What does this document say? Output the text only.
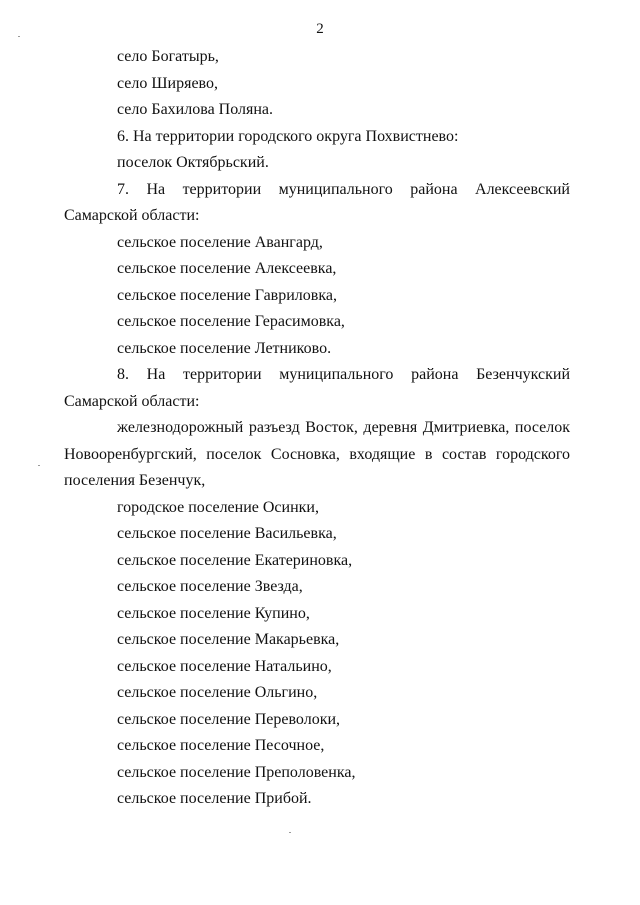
2
село Богатырь,
село Ширяево,
село Бахилова Поляна.
6. На территории городского округа Похвистнево:
поселок Октябрьский.

7. На территории муниципального района Алексеевский Самарской области:

сельское поселение Авангард,
сельское поселение Алексеевка,
сельское поселение Гавриловка,
сельское поселение Герасимовка,
сельское поселение Летниково.

8. На территории муниципального района Безенчукский Самарской области:

железнодорожный разъезд Восток, деревня Дмитриевка, поселок Новооренбургский, поселок Сосновка, входящие в состав городского поселения Безенчук,

городское поселение Осинки,
сельское поселение Васильевка,
сельское поселение Екатериновка,
сельское поселение Звезда,
сельское поселение Купино,
сельское поселение Макарьевка,
сельское поселение Натальино,
сельское поселение Ольгино,
сельское поселение Переволоки,
сельское поселение Песочное,
сельское поселение Преполовенка,
сельское поселение Прибой.
